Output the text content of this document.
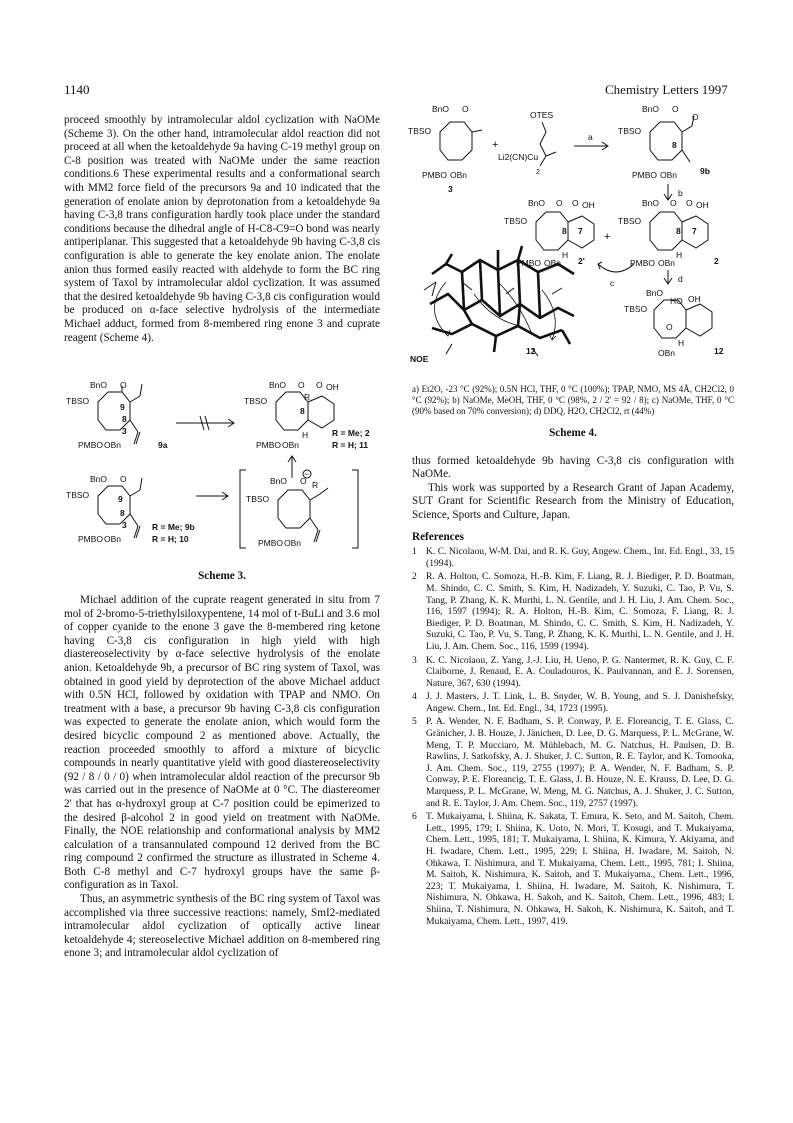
1140	Chemistry Letters 1997

proceed smoothly by intramolecular aldol cyclization with NaOMe (Scheme 3). On the other hand, intramolecular aldol reaction did not proceed at all when the ketoaldehyde 9a having C-19 methyl group on C-8 position was treated with NaOMe under the same reaction conditions.6 These experimental results and a conformational search with MM2 force field of the precursors 9a and 10 indicated that the generation of enolate anion by deprotonation from a ketoaldehyde 9a having C-3,8 trans configuration hardly took place under the standard conditions because the dihedral angle of H-C8-C9=O bond was nearly antiperiplanar. This suggested that a ketoaldehyde 9b having C-3,8 cis configuration is able to generate the key enolate anion. The enolate anion thus formed easily reacted with aldehyde to form the BC ring system of Taxol by intramolecular aldol cyclization. It was assumed that the desired ketoaldehyde 9b having C-3,8 cis configuration would be produced on α-face selective hydrolysis of the intermediate Michael adduct, formed from 8-membered ring enone 3 and cuprate reagent (Scheme 4).

BnO O
TBSO
9
8
3
PMBO OBn	9a
BnO O O OH
R
TBSO
8
H
PMBO OBn
R = Me; 2
R = H; 11
BnO O
TBSO	9
8
3
PMBO OBn
R = Me; 9b
R = H; 10
BnO O
−
R
TBSO
PMBO OBn
Scheme 3.

Michael addition of the cuprate reagent generated in situ from 7 mol of 2-bromo-5-triethylsiloxypentene, 14 mol of t-BuLi and 3.6 mol of copper cyanide to the enone 3 gave the 8-membered ring ketone having C-3,8 cis configuration in high yield with high diastereoselectivity by α-face selective hydrolysis of the enolate anion. Ketoaldehyde 9b, a precursor of BC ring system of Taxol, was obtained in good yield by deprotection of the above Michael adduct with 0.5N HCl, followed by oxidation with TPAP and NMO. On treatment with a base, a precursor 9b having C-3,8 cis configuration was expected to generate the enolate anion, which would form the desired bicyclic compound 2 as mentioned above. Actually, the reaction proceeded smoothly to afford a mixture of bicyclic compounds in nearly quantitative yield with good diastereoselectivity (92 / 8 / 0 / 0) when intramolecular aldol reaction of the precursor 9b was carried out in the presence of NaOMe at 0 °C. The diastereomer 2' that has α-hydroxyl group at C-7 position could be epimerized to the desired β-alcohol 2 in good yield on treatment with NaOMe. Finally, the NOE relationship and conformational analysis by MM2 calculation of a transannulated compound 12 derived from the BC ring compound 2 confirmed the structure as illustrated in Scheme 4. Both C-8 methyl and C-7 hydroxyl groups have the same β-configuration as in Taxol.

Thus, an asymmetric synthesis of the BC ring system of Taxol was accomplished via three successive reactions: namely, SmI2-mediated intramolecular aldol cyclization of optically active linear ketoaldehyde 4; stereoselective Michael addition on 8-membered ring enone 3; and intramolecular aldol cyclization of

BnO O
TBSO
PMBO OBn
3
+
OTES
Li2(CN)Cu
2
a
BnO O
O
TBSO
8
PMBO OBn	9b
b
BnO O O OH
TBSO
8 7
H
PMBO OBn 2'
+
BnO O O OH
TBSO
8 7
H
PMBO OBn	2
c	d
BnO
HO OH
TBSO
O
H
OBn	12
NOE
12
a) Et2O, -23 °C (92%); 0.5N HCl, THF, 0 °C (100%); TPAP, NMO, MS 4Å, CH2Cl2, 0 °C (92%); b) NaOMe, MeOH, THF, 0 °C (98%, 2 / 2' = 92 / 8); c) NaOMe, THF, 0 °C (90% based on 70% conversion); d) DDQ, H2O, CH2Cl2, rt (44%)
Scheme 4.

thus formed ketoaldehyde 9b having C-3,8 cis configuration with NaOMe.

This work was supported by a Research Grant of Japan Academy, SUT Grant for Scientific Research from the Ministry of Education, Science, Sports and Culture, Japan.

References
1 K. C. Nicolaou, W-M. Dai, and R. K. Guy, Angew. Chem., Int. Ed. Engl., 33, 15 (1994).
2 R. A. Holton, C. Somoza, H.-B. Kim, F. Liang, R. J. Biediger, P. D. Boatman, M. Shindo, C. C. Smith, S. Kim, H. Nadizadeh, Y. Suzuki, C. Tao, P. Vu, S. Tang, P. Zhang, K. K. Murthi, L. N. Gentile, and J. H. Liu, J. Am. Chem. Soc., 116, 1597 (1994); R. A. Holton, H.-B. Kim, C. Somoza, F. Liang, R. J. Biediger, P. D. Boatman, M. Shindo, C. C. Smith, S. Kim, H. Nadizadeh, Y. Suzuki, C. Tao, P. Vu, S. Tang, P. Zhang, K. K. Murthi, L. N. Gentile, and J. H. Liu, J. Am. Chem. Soc., 116, 1599 (1994).
3 K. C. Nicolaou, Z. Yang, J.-J. Liu, H. Ueno, P. G. Nantermet, R. K. Guy, C. F. Claiborne, J. Renaud, E. A. Couladouros, K. Paulvannan, and E. J. Sorensen, Nature, 367, 630 (1994).
4 J. J. Masters, J. T. Link, L. B. Snyder, W. B. Young, and S. J. Danishefsky, Angew. Chem., Int. Ed. Engl., 34, 1723 (1995).
5 P. A. Wender, N. F. Badham, S. P. Conway, P. E. Floreancig, T. E. Glass, C. Gränicher, J. B. Houze, J. Jänichen, D. Lee, D. G. Marquess, P. L. McGrane, W. Meng, T. P. Mucciaro, M. Mühlebach, M. G. Natchus, H. Paulsen, D. B. Rawlins, J. Satkofsky, A. J. Shuker, J. C. Sutton, R. E. Taylor, and K. Tomooka, J. Am. Chem. Soc., 119, 2755 (1997); P. A. Wender, N. F. Badham, S. P. Conway, P. E. Floreancig, T. E. Glass, J. B. Houze, N. E. Krauss, D. Lee, D. G. Marquess, P. L. McGrane, W. Meng, M. G. Natchus, A. J. Shuker, J. C. Sutton, and R. E. Taylor, J. Am. Chem. Soc., 119, 2757 (1997).
6 T. Mukaiyama, I. Shiina, K. Sakata, T. Emura, K. Seto, and M. Saitoh, Chem. Lett., 1995, 179; I. Shiina, K. Uoto, N. Mori, T. Kosugi, and T. Mukaiyama, Chem. Lett., 1995, 181; T. Mukaiyama, I. Shiina, K. Kimura, Y. Akiyama, and H. Iwadare, Chem. Lett., 1995, 229; I. Shiina, H. Iwadare, M. Saitoh, N. Ohkawa, T. Nishimura, and T. Mukaiyama, Chem. Lett., 1995, 781; I. Shiina, M. Saitoh, K. Nishimura, K. Saitoh, and T. Mukaiyama., Chem. Lett., 1996, 223; T. Mukaiyama, I. Shiina, H. Iwadare, M. Saitoh, K. Nishimura, T. Nishimura, N. Ohkawa, H. Sakoh, and K. Saitoh, Chem. Lett., 1996, 483; I. Shiina, T. Nishimura, N. Ohkawa, H. Sakoh, K. Nishimura, K. Saitoh, and T. Mukaiyama, Chem. Lett., 1997, 419.
